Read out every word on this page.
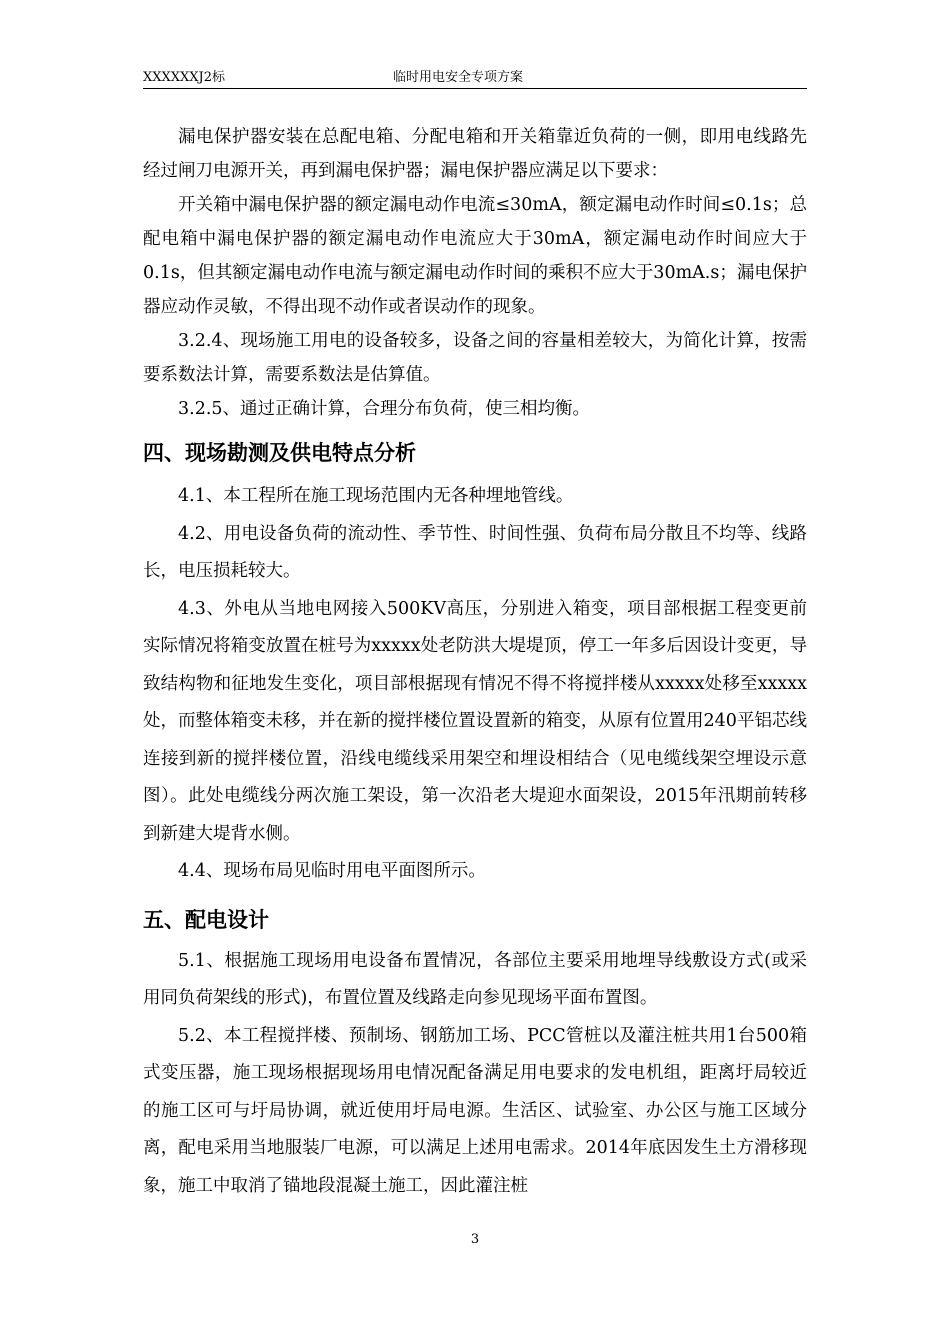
XXXXXXJ2标	临时用电安全专项方案

漏电保护器安装在总配电箱、分配电箱和开关箱靠近负荷的一侧，即用电线路先经过闸刀电源开关，再到漏电保护器；漏电保护器应满足以下要求：

开关箱中漏电保护器的额定漏电动作电流≤30mA，额定漏电动作时间≤0.1s；总配电箱中漏电保护器的额定漏电动作电流应大于30mA，额定漏电动作时间应大于0.1s，但其额定漏电动作电流与额定漏电动作时间的乘积不应大于30mA.s；漏电保护器应动作灵敏，不得出现不动作或者误动作的现象。

3.2.4、现场施工用电的设备较多，设备之间的容量相差较大，为简化计算，按需要系数法计算，需要系数法是估算值。

3.2.5、通过正确计算，合理分布负荷，使三相均衡。

四、现场勘测及供电特点分析

4.1、本工程所在施工现场范围内无各种埋地管线。

4.2、用电设备负荷的流动性、季节性、时间性强、负荷布局分散且不均等、线路长，电压损耗较大。

4.3、外电从当地电网接入500KV高压，分别进入箱变，项目部根据工程变更前实际情况将箱变放置在桩号为xxxxx处老防洪大堤堤顶，停工一年多后因设计变更，导致结构物和征地发生变化，项目部根据现有情况不得不将搅拌楼从xxxxx处移至xxxxx处，而整体箱变未移，并在新的搅拌楼位置设置新的箱变，从原有位置用240平铝芯线连接到新的搅拌楼位置，沿线电缆线采用架空和埋设相结合（见电缆线架空埋设示意图）。此处电缆线分两次施工架设，第一次沿老大堤迎水面架设，2015年汛期前转移到新建大堤背水侧。

4.4、现场布局见临时用电平面图所示。

五、配电设计

5.1、根据施工现场用电设备布置情况，各部位主要采用地埋导线敷设方式(或采用同负荷架线的形式)，布置位置及线路走向参见现场平面布置图。

5.2、本工程搅拌楼、预制场、钢筋加工场、PCC管桩以及灌注桩共用1台500箱式变压器，施工现场根据现场用电情况配备满足用电要求的发电机组，距离圩局较近的施工区可与圩局协调，就近使用圩局电源。生活区、试验室、办公区与施工区域分离，配电采用当地服装厂电源，可以满足上述用电需求。2014年底因发生土方滑移现象，施工中取消了锚地段混凝土施工，因此灌注桩

3
